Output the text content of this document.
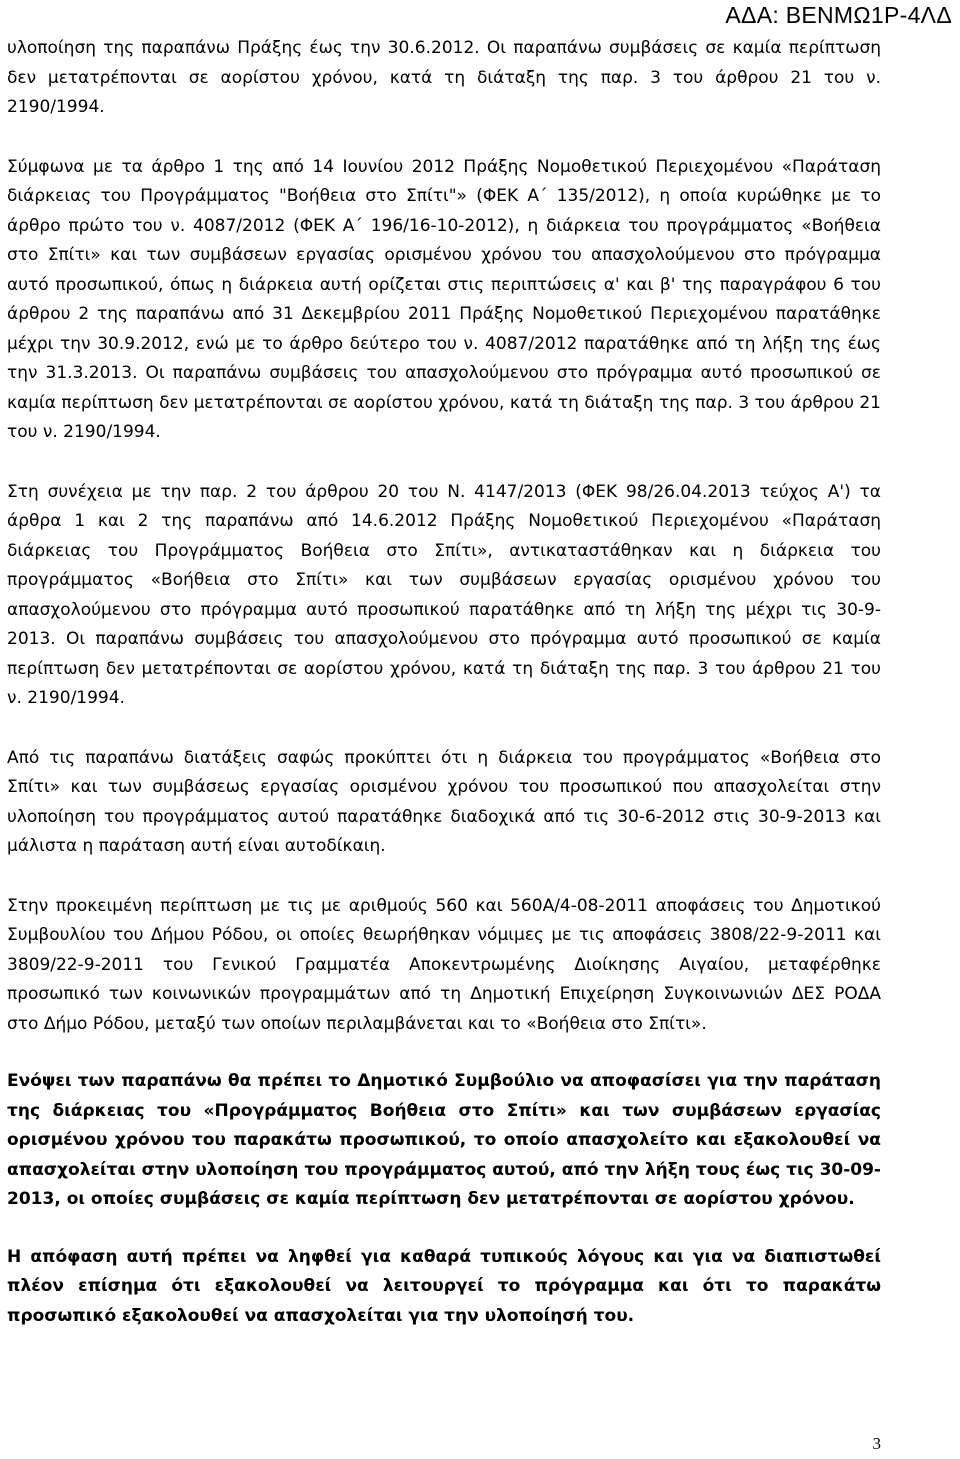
ΑΔΑ: ΒΕΝΜΩ1Ρ-4ΛΔ

υλοποίηση της παραπάνω Πράξης έως την 30.6.2012. Οι παραπάνω συμβάσεις σε καμία περίπτωση δεν μετατρέπονται σε αορίστου χρόνου, κατά τη διάταξη της παρ. 3 του άρθρου 21 του ν. 2190/1994.

Σύμφωνα με τα άρθρο 1 της από 14 Ιουνίου 2012 Πράξης Νομοθετικού Περιεχομένου «Παράταση διάρκειας του Προγράμματος "Βοήθεια στο Σπίτι"» (ΦΕΚ Α΄ 135/2012), η οποία κυρώθηκε με το άρθρο πρώτο του ν. 4087/2012 (ΦΕΚ Α΄ 196/16-10-2012), η διάρκεια του προγράμματος «Βοήθεια στο Σπίτι» και των συμβάσεων εργασίας ορισμένου χρόνου του απασχολούμενου στο πρόγραμμα αυτό προσωπικού, όπως η διάρκεια αυτή ορίζεται στις περιπτώσεις α' και β' της παραγράφου 6 του άρθρου 2 της παραπάνω από 31 Δεκεμβρίου 2011 Πράξης Νομοθετικού Περιεχομένου παρατάθηκε μέχρι την 30.9.2012, ενώ με το άρθρο δεύτερο του ν. 4087/2012 παρατάθηκε από τη λήξη της έως την 31.3.2013. Οι παραπάνω συμβάσεις του απασχολούμενου στο πρόγραμμα αυτό προσωπικού σε καμία περίπτωση δεν μετατρέπονται σε αορίστου χρόνου, κατά τη διάταξη της παρ. 3 του άρθρου 21 του ν. 2190/1994.

Στη συνέχεια με την παρ. 2 του άρθρου 20 του Ν. 4147/2013 (ΦΕΚ 98/26.04.2013 τεύχος Α') τα άρθρα 1 και 2 της παραπάνω από 14.6.2012 Πράξης Νομοθετικού Περιεχομένου «Παράταση διάρκειας του Προγράμματος Βοήθεια στο Σπίτι», αντικαταστάθηκαν και η διάρκεια του προγράμματος «Βοήθεια στο Σπίτι» και των συμβάσεων εργασίας ορισμένου χρόνου του απασχολούμενου στο πρόγραμμα αυτό προσωπικού παρατάθηκε από τη λήξη της μέχρι τις 30-9-2013. Οι παραπάνω συμβάσεις του απασχολούμενου στο πρόγραμμα αυτό προσωπικού σε καμία περίπτωση δεν μετατρέπονται σε αορίστου χρόνου, κατά τη διάταξη της παρ. 3 του άρθρου 21 του ν. 2190/1994.

Από τις παραπάνω διατάξεις σαφώς προκύπτει ότι η διάρκεια του προγράμματος «Βοήθεια στο Σπίτι» και των συμβάσεως εργασίας ορισμένου χρόνου του προσωπικού που απασχολείται στην υλοποίηση του προγράμματος αυτού παρατάθηκε διαδοχικά από τις 30-6-2012 στις 30-9-2013 και μάλιστα η παράταση αυτή είναι αυτοδίκαιη.

Στην προκειμένη περίπτωση με τις με αριθμούς 560 και 560Α/4-08-2011 αποφάσεις του Δημοτικού Συμβουλίου του Δήμου Ρόδου, οι οποίες θεωρήθηκαν νόμιμες με τις αποφάσεις 3808/22-9-2011 και 3809/22-9-2011 του Γενικού Γραμματέα Αποκεντρωμένης Διοίκησης Αιγαίου, μεταφέρθηκε προσωπικό των κοινωνικών προγραμμάτων από τη Δημοτική Επιχείρηση Συγκοινωνιών ΔΕΣ ΡΟΔΑ στο Δήμο Ρόδου, μεταξύ των οποίων περιλαμβάνεται και το «Βοήθεια στο Σπίτι».

Ενόψει των παραπάνω θα πρέπει το Δημοτικό Συμβούλιο να αποφασίσει για την παράταση της διάρκειας του «Προγράμματος Βοήθεια στο Σπίτι» και των συμβάσεων εργασίας ορισμένου χρόνου του παρακάτω προσωπικού, το οποίο απασχολείτο και εξακολουθεί να απασχολείται στην υλοποίηση του προγράμματος αυτού, από την λήξη τους έως τις 30-09-2013, οι οποίες συμβάσεις σε καμία περίπτωση δεν μετατρέπονται σε αορίστου χρόνου.

Η απόφαση αυτή πρέπει να ληφθεί για καθαρά τυπικούς λόγους και για να διαπιστωθεί πλέον επίσημα ότι εξακολουθεί να λειτουργεί το πρόγραμμα και ότι το παρακάτω προσωπικό εξακολουθεί να απασχολείται για την υλοποίησή του.

3
